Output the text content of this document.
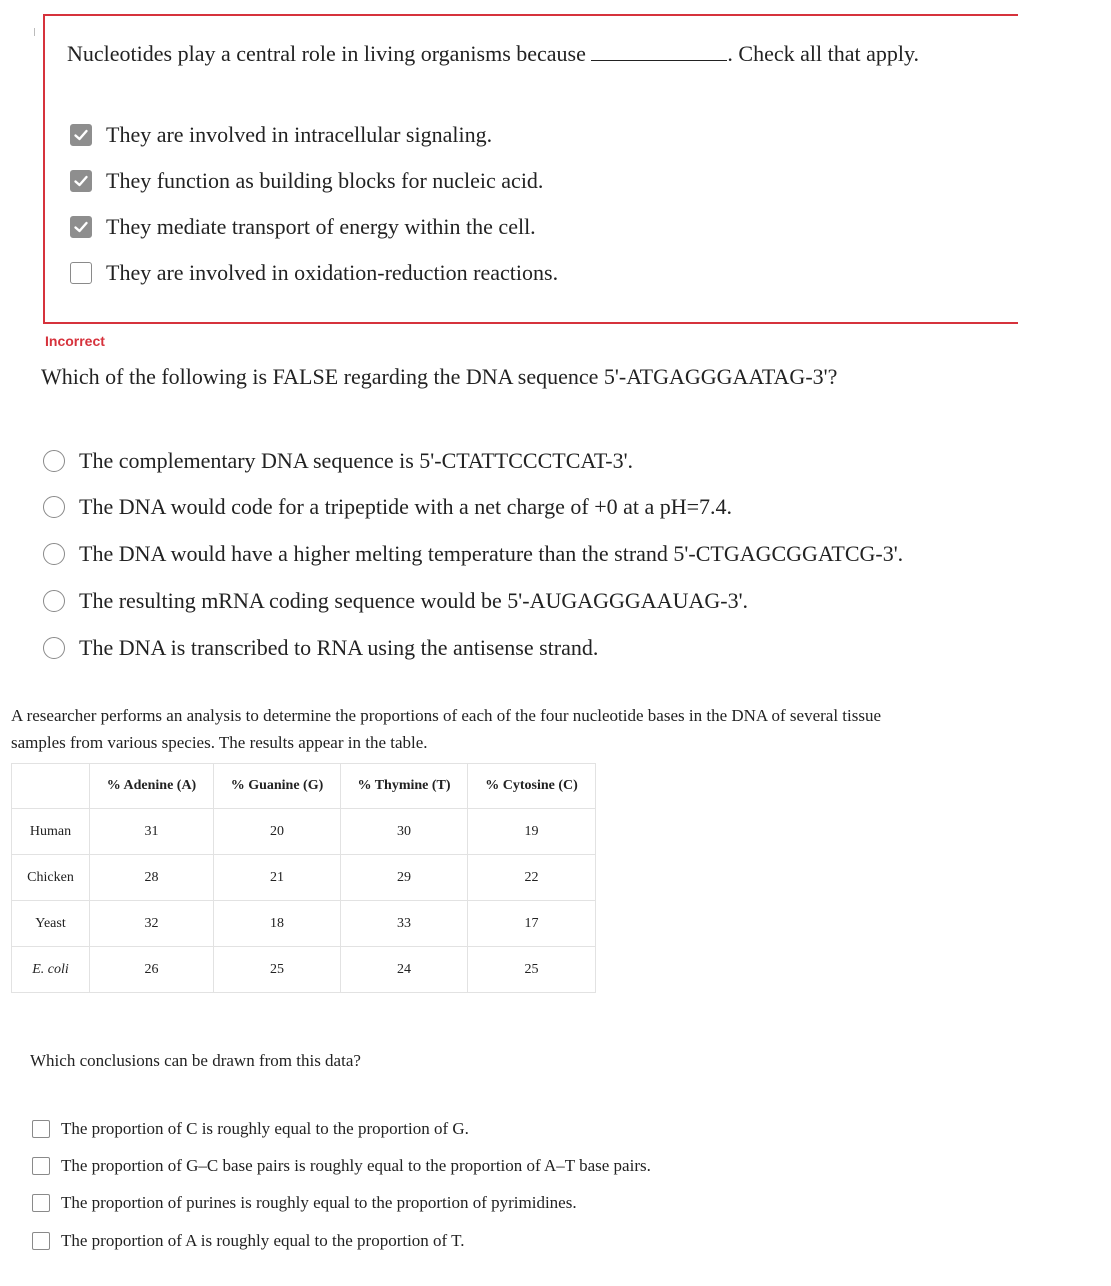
Nucleotides play a central role in living organisms because	. Check all that apply.
They are involved in intracellular signaling.
They function as building blocks for nucleic acid.
They mediate transport of energy within the cell.
They are involved in oxidation-reduction reactions.
Incorrect
Which of the following is FALSE regarding the DNA sequence 5'-ATGAGGGAATAG-3'?
The complementary DNA sequence is 5'-CTATTCCCTCAT-3'.
The DNA would code for a tripeptide with a net charge of +0 at a pH=7.4.
The DNA would have a higher melting temperature than the strand 5'-CTGAGCGGATCG-3'.
The resulting mRNA coding sequence would be 5'-AUGAGGGAAUAG-3'.
The DNA is transcribed to RNA using the antisense strand.
A researcher performs an analysis to determine the proportions of each of the four nucleotide bases in the DNA of several tissue
samples from various species. The results appear in the table.
	% Adenine (A)	% Guanine (G)	% Thymine (T)	% Cytosine (C)
Human	31	20	30	19
Chicken	28	21	29	22
Yeast	32	18	33	17
E. coli	26	25	24	25
Which conclusions can be drawn from this data?
The proportion of C is roughly equal to the proportion of G.
The proportion of G–C base pairs is roughly equal to the proportion of A–T base pairs.
The proportion of purines is roughly equal to the proportion of pyrimidines.
The proportion of A is roughly equal to the proportion of T.
